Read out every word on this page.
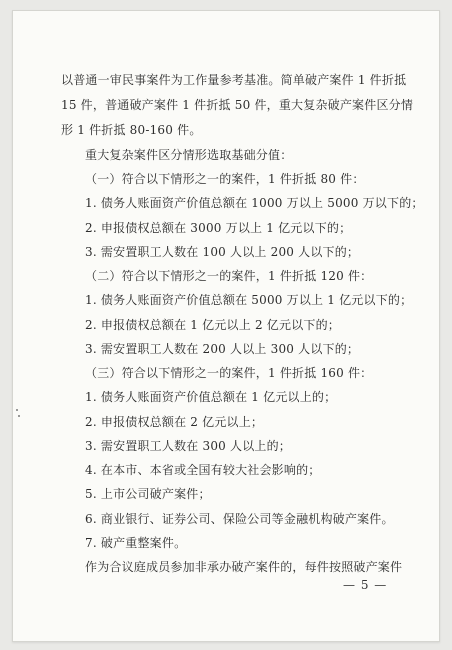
以普通一审民事案件为工作量参考基准。简单破产案件 1 件折抵
15 件，普通破产案件 1 件折抵 50 件，重大复杂破产案件区分情
形 1 件折抵 80-160 件。
重大复杂案件区分情形选取基础分值：
（一）符合以下情形之一的案件，1 件折抵 80 件：
1. 债务人账面资产价值总额在 1000 万以上 5000 万以下的；
2. 申报债权总额在 3000 万以上 1 亿元以下的；
3. 需安置职工人数在 100 人以上 200 人以下的；
（二）符合以下情形之一的案件，1 件折抵 120 件：
1. 债务人账面资产价值总额在 5000 万以上 1 亿元以下的；
2. 申报债权总额在 1 亿元以上 2 亿元以下的；
3. 需安置职工人数在 200 人以上 300 人以下的；
（三）符合以下情形之一的案件，1 件折抵 160 件：
1. 债务人账面资产价值总额在 1 亿元以上的；
2. 申报债权总额在 2 亿元以上；
3. 需安置职工人数在 300 人以上的；
4. 在本市、本省或全国有较大社会影响的；
5. 上市公司破产案件；
6. 商业银行、证券公司、保险公司等金融机构破产案件。
7. 破产重整案件。
作为合议庭成员参加非承办破产案件的，每件按照破产案件
— 5 —
